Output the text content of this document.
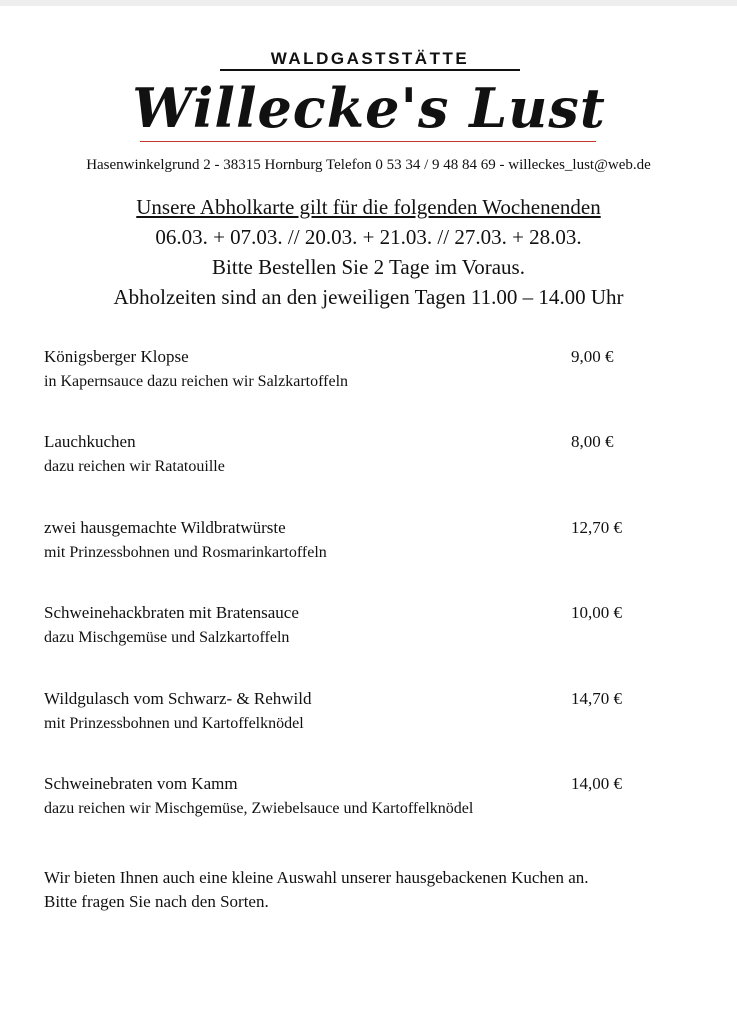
WALDGASTSTÄTTE
Willecke's Lust
Hasenwinkelgrund 2 - 38315 Hornburg Telefon 0 53 34 / 9 48 84 69 - willeckes_lust@web.de
Unsere Abholkarte gilt für die folgenden Wochenenden
06.03. + 07.03. // 20.03. + 21.03. // 27.03. + 28.03.
Bitte Bestellen Sie 2 Tage im Voraus.
Abholzeiten sind an den jeweiligen Tagen 11.00 – 14.00 Uhr
Königsberger Klopse	9,00 €
in Kapernsauce dazu reichen wir Salzkartoffeln
Lauchkuchen	8,00 €
dazu reichen wir Ratatouille
zwei hausgemachte Wildbratwürste	12,70 €
mit Prinzessbohnen und Rosmarinkartoffeln
Schweinehackbraten mit Bratensauce	10,00 €
dazu Mischgemüse und Salzkartoffeln
Wildgulasch vom Schwarz- & Rehwild	14,70 €
mit Prinzessbohnen und Kartoffelknödel
Schweinebraten vom Kamm	14,00 €
dazu reichen wir Mischgemüse, Zwiebelsauce und Kartoffelknödel
Wir bieten Ihnen auch eine kleine Auswahl unserer hausgebackenen Kuchen an.
Bitte fragen Sie nach den Sorten.
